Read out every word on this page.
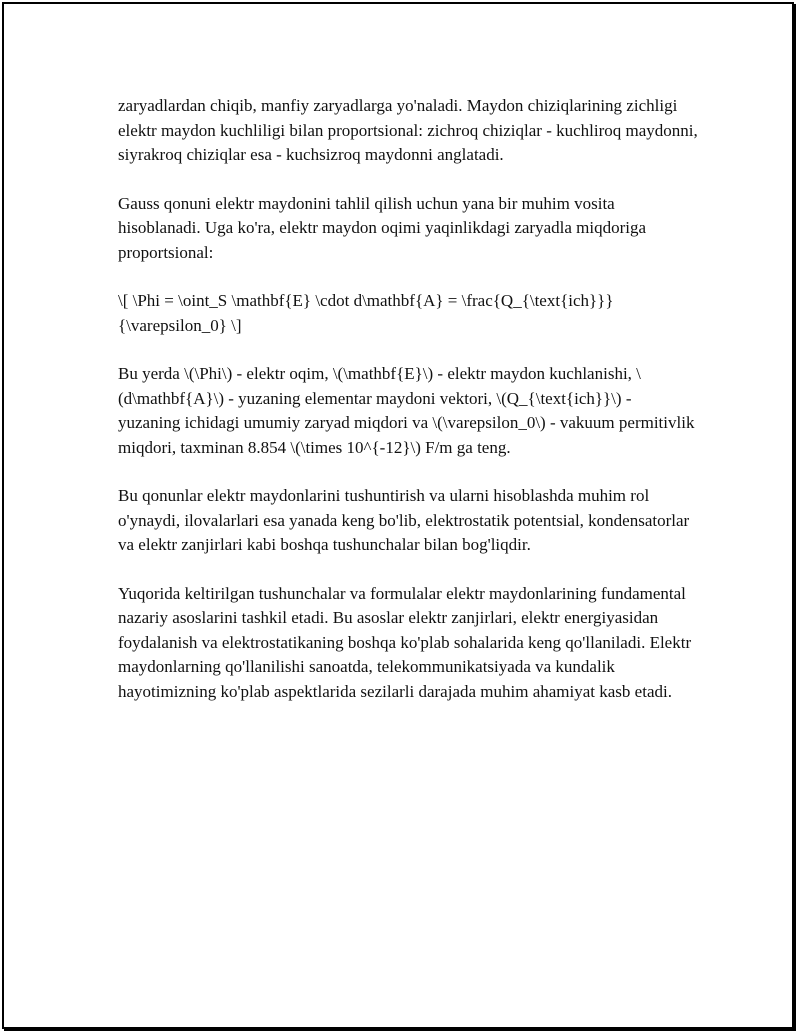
zaryadlardan chiqib, manfiy zaryadlarga yo'naladi. Maydon chiziqlarining zichligi elektr maydon kuchliligi bilan proportsional: zichroq chiziqlar - kuchliroq maydonni, siyrakroq chiziqlar esa - kuchsizroq maydonni anglatadi.

Gauss qonuni elektr maydonini tahlil qilish uchun yana bir muhim vosita hisoblanadi. Uga ko'ra, elektr maydon oqimi yaqinlikdagi zaryadla miqdoriga proportsional:

\[ \Phi = \oint_S \mathbf{E} \cdot d\mathbf{A} = \frac{Q_{\text{ich}}}{\varepsilon_0} \]

Bu yerda \(\Phi\) - elektr oqim, \(\mathbf{E}\) - elektr maydon kuchlanishi, \(d\mathbf{A}\) - yuzaning elementar maydoni vektori, \(Q_{\text{ich}}\) - yuzaning ichidagi umumiy zaryad miqdori va \(\varepsilon_0\) - vakuum permitivlik miqdori, taxminan 8.854 \(\times 10^{-12}\) F/m ga teng.

Bu qonunlar elektr maydonlarini tushuntirish va ularni hisoblashda muhim rol o'ynaydi, ilovalarlari esa yanada keng bo'lib, elektrostatik potentsial, kondensatorlar va elektr zanjirlari kabi boshqa tushunchalar bilan bog'liqdir.

Yuqorida keltirilgan tushunchalar va formulalar elektr maydonlarining fundamental nazariy asoslarini tashkil etadi. Bu asoslar elektr zanjirlari, elektr energiyasidan foydalanish va elektrostatikaning boshqa ko'plab sohalarida keng qo'llaniladi. Elektr maydonlarning qo'llanilishi sanoatda, telekommunikatsiyada va kundalik hayotimizning ko'plab aspektlarida sezilarli darajada muhim ahamiyat kasb etadi.
